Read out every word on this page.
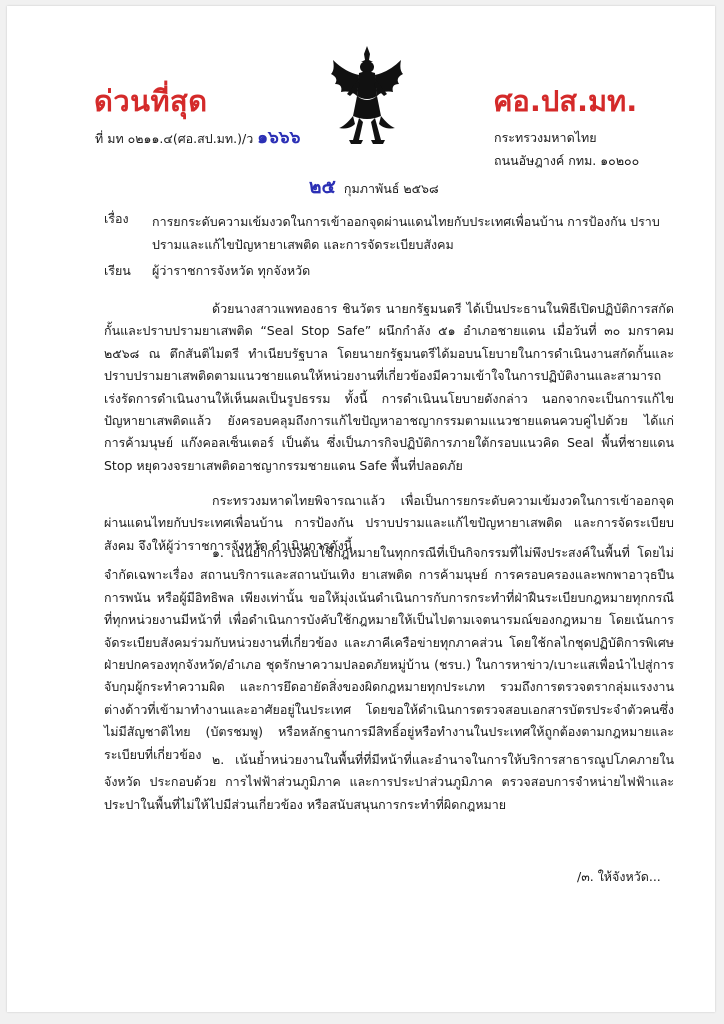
ด่วนที่สุด	ศอ.ปส.มท.
ที่ มท ๐๒๑๑.๔(ศอ.สป.มท.)/ว ๑๖๖๖	กระทรวงมหาดไทย
ถนนอัษฎางค์ กทม. ๑๐๒๐๐
๒๕ กุมภาพันธ์ ๒๕๖๘
เรื่อง การยกระดับความเข้มงวดในการเข้าออกจุดผ่านแดนไทยกับประเทศเพื่อนบ้าน การป้องกัน ปราบปรามและแก้ไขปัญหายาเสพติด และการจัดระเบียบสังคม
เรียน ผู้ว่าราชการจังหวัด ทุกจังหวัด
ด้วยนางสาวแพทองธาร ชินวัตร นายกรัฐมนตรี ได้เป็นประธานในพิธีเปิดปฏิบัติการสกัดกั้นและปราบปรามยาเสพติด “Seal Stop Safe” ผนึกกำลัง ๕๑ อำเภอชายแดน เมื่อวันที่ ๓๐ มกราคม ๒๕๖๘ ณ ตึกสันติไมตรี ทำเนียบรัฐบาล โดยนายกรัฐมนตรีได้มอบนโยบายในการดำเนินงานสกัดกั้นและปราบปรามยาเสพติดตามแนวชายแดนให้หน่วยงานที่เกี่ยวข้องมีความเข้าใจในการปฏิบัติงานและสามารถเร่งรัดการดำเนินงานให้เห็นผลเป็นรูปธรรม ทั้งนี้ การดำเนินนโยบายดังกล่าว นอกจากจะเป็นการแก้ไขปัญหายาเสพติดแล้ว ยังครอบคลุมถึงการแก้ไขปัญหาอาชญากรรมตามแนวชายแดนควบคู่ไปด้วย ได้แก่ การค้ามนุษย์ แก๊งคอลเซ็นเตอร์ เป็นต้น ซึ่งเป็นภารกิจปฏิบัติการภายใต้กรอบแนวคิด Seal พื้นที่ชายแดน Stop หยุดวงจรยาเสพติดอาชญากรรมชายแดน Safe พื้นที่ปลอดภัย
กระทรวงมหาดไทยพิจารณาแล้ว เพื่อเป็นการยกระดับความเข้มงวดในการเข้าออกจุดผ่านแดนไทยกับประเทศเพื่อนบ้าน การป้องกัน ปราบปรามและแก้ไขปัญหายาเสพติด และการจัดระเบียบสังคม จึงให้ผู้ว่าราชการจังหวัด ดำเนินการดังนี้
๑. เน้นย้ำการบังคับใช้กฎหมายในทุกกรณีที่เป็นกิจกรรมที่ไม่พึงประสงค์ในพื้นที่ โดยไม่จำกัดเฉพาะเรื่อง สถานบริการและสถานบันเทิง ยาเสพติด การค้ามนุษย์ การครอบครองและพกพาอาวุธปืน การพนัน หรือผู้มีอิทธิพล เพียงเท่านั้น ขอให้มุ่งเน้นดำเนินการกับการกระทำที่ฝ่าฝืนระเบียบกฎหมายทุกกรณีที่ทุกหน่วยงานมีหน้าที่ เพื่อดำเนินการบังคับใช้กฎหมายให้เป็นไปตามเจตนารมณ์ของกฎหมาย โดยเน้นการจัดระเบียบสังคมร่วมกับหน่วยงานที่เกี่ยวข้อง และภาคีเครือข่ายทุกภาคส่วน โดยใช้กลไกชุดปฏิบัติการพิเศษฝ่ายปกครองทุกจังหวัด/อำเภอ ชุดรักษาความปลอดภัยหมู่บ้าน (ชรบ.) ในการหาข่าว/เบาะแสเพื่อนำไปสู่การจับกุมผู้กระทำความผิด และการยึดอายัดสิ่งของผิดกฎหมายทุกประเภท รวมถึงการตรวจตรากลุ่มแรงงานต่างด้าวที่เข้ามาทำงานและอาศัยอยู่ในประเทศ โดยขอให้ดำเนินการตรวจสอบเอกสารบัตรประจำตัวคนซึ่งไม่มีสัญชาติไทย (บัตรชมพู) หรือหลักฐานการมีสิทธิ์อยู่หรือทำงานในประเทศให้ถูกต้องตามกฎหมายและระเบียบที่เกี่ยวข้อง ๒. เน้นย้ำหน่วยงานในพื้นที่ที่มีหน้าที่และอำนาจในการให้บริการสาธารณูปโภคภายในจังหวัด ประกอบด้วย การไฟฟ้าส่วนภูมิภาค และการประปาส่วนภูมิภาค ตรวจสอบการจำหน่ายไฟฟ้าและประปาในพื้นที่ไม่ให้ไปมีส่วนเกี่ยวข้อง หรือสนับสนุนการกระทำที่ผิดกฎหมาย
/๓. ให้จังหวัด...
